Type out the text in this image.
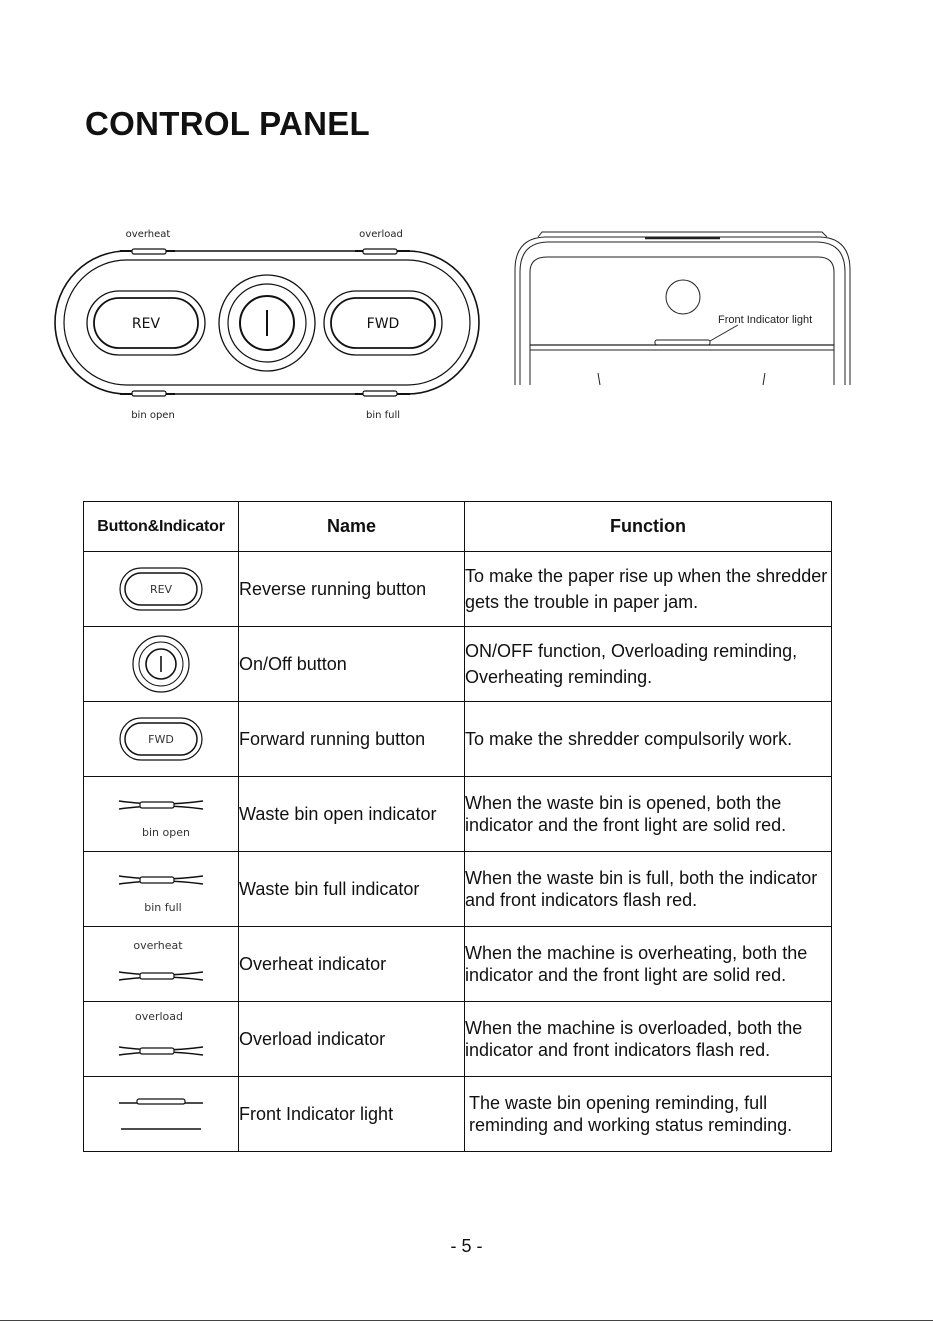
CONTROL PANEL
REV	FWD
overheat	overload
bin open	bin full
Front Indicator light
Button&Indicator	Name	Function

REV	Reverse running button	To make the paper rise up when the shredder gets the trouble in paper jam.

	On/Off button	ON/OFF function, Overloading reminding, Overheating reminding.

FWD	Forward running button	To make the shredder compulsorily work.

bin open	Waste bin open indicator	When the waste bin is opened, both the indicator and the front light are solid red.

bin full	Waste bin full indicator	When the waste bin is full, both the indicator and front indicators flash red.

overheat	Overheat indicator	When the machine is overheating, both the indicator and the front light are solid red.

overload	Overload indicator	When the machine is overloaded, both the indicator and front indicators flash red.

	Front Indicator light	The waste bin opening reminding, full reminding and working status reminding.
- 5 -
